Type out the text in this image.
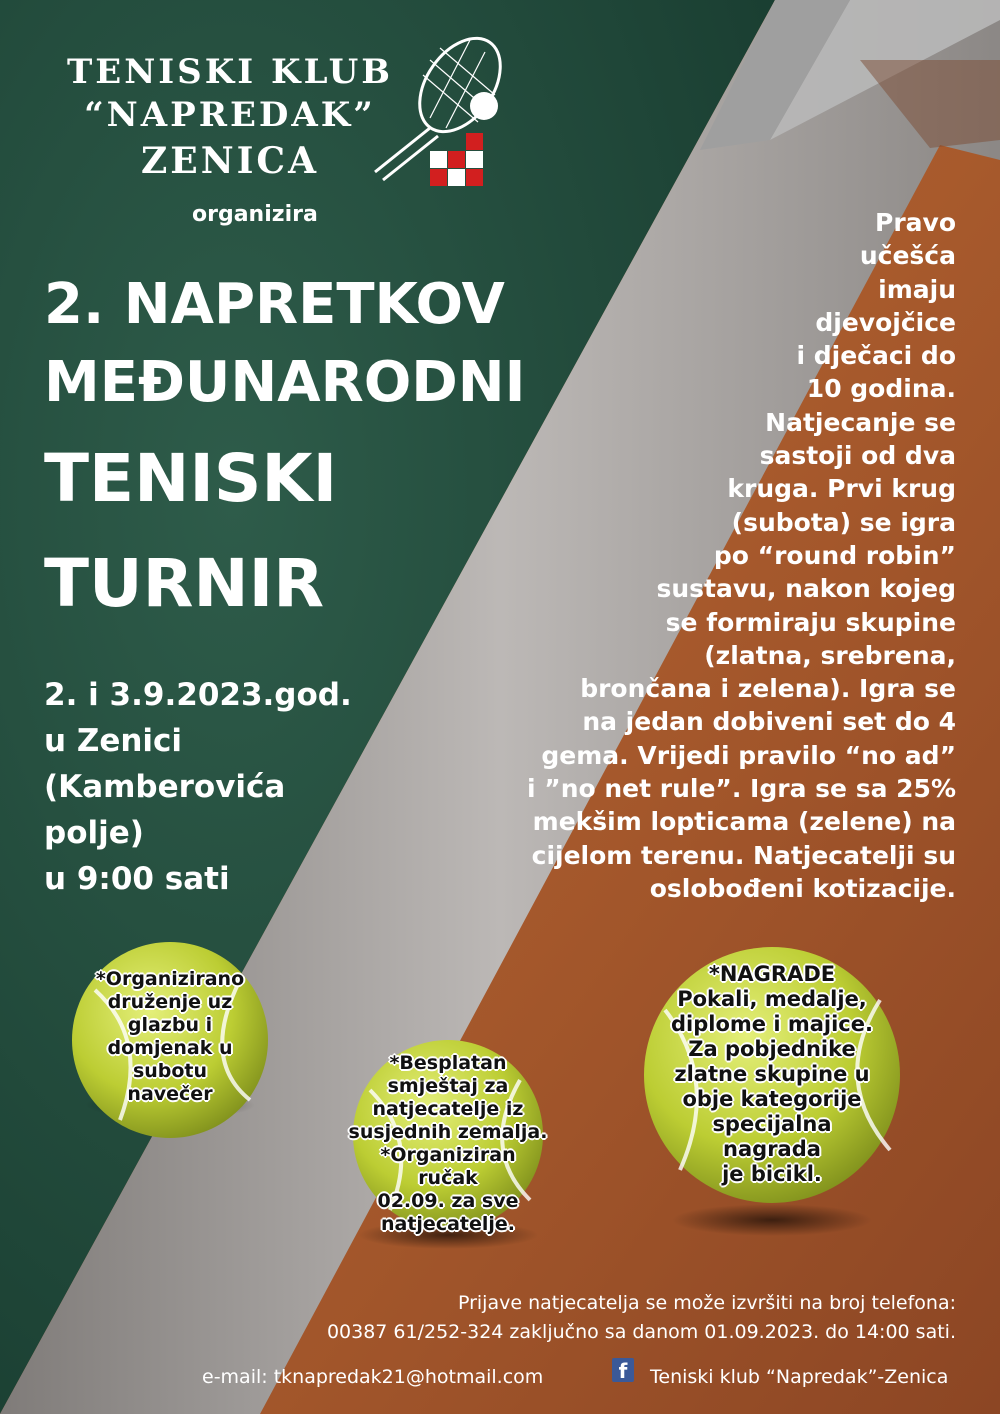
TENISKI KLUB
“NAPREDAK”
ZENICA
organizira
2. NAPRETKOV
MEĐUNARODNI
TENISKI
TURNIR
2. i 3.9.2023.god.
u Zenici
(Kamberovića
polje)
u 9:00 sati
Pravo
učešća
imaju
djevojčice
i dječaci do
10 godina.
Natjecanje se
sastoji od dva
kruga. Prvi krug
(subota) se igra
po “round robin”
sustavu, nakon kojeg
se formiraju skupine
(zlatna, srebrena,
brončana i zelena). Igra se
na jedan dobiveni set do 4
gema. Vrijedi pravilo “no ad”
i ”no net rule”. Igra se sa 25%
mekšim lopticama (zelene) na
cijelom terenu. Natjecatelji su
oslobođeni kotizacije.
*Organizirano
druženje uz
glazbu i
domjenak u
subotu
navečer
*Besplatan
smještaj za
natjecatelje iz
susjednih zemalja.
*Organiziran ručak
02.09. za sve
natjecatelje.
*NAGRADE
Pokali, medalje,
diplome i majice.
Za pobjednike
zlatne skupine u
obje kategorije
specijalna nagrada
je bicikl.
Prijave natjecatelja se može izvršiti na broj telefona:
00387 61/252-324 zaključno sa danom 01.09.2023. do 14:00 sati.
e-mail: tknapredak21@hotmail.com	f	Teniski klub “Napredak”-Zenica
